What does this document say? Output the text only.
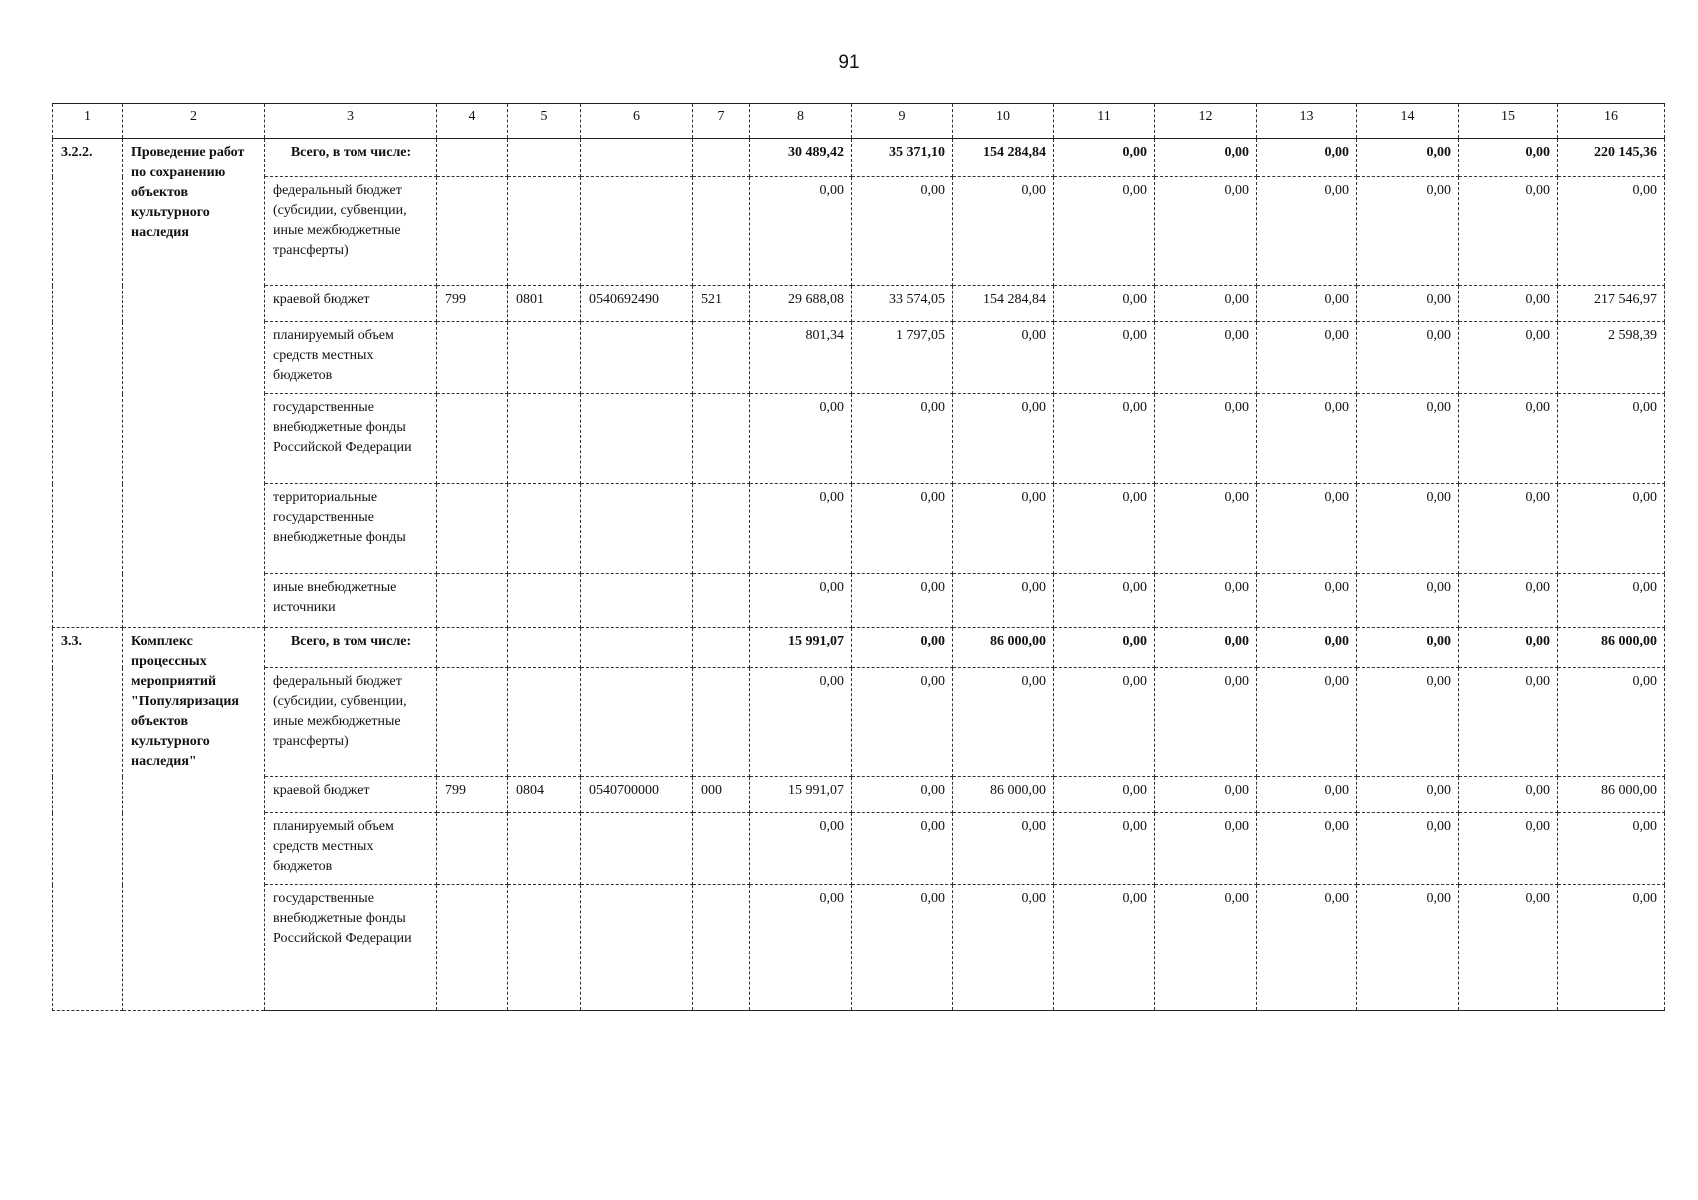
91
1	2	3	4	5	6	7	8	9	10	11	12	13	14	15	16
3.2.2.	Проведение работ по сохранению объектов культурного наследия	Всего, в том числе:					30 489,42	35 371,10	154 284,84	0,00	0,00	0,00	0,00	0,00	220 145,36
		федеральный бюджет (субсидии, субвенции, иные межбюджетные трансферты)					0,00	0,00	0,00	0,00	0,00	0,00	0,00	0,00	0,00
		краевой бюджет	799	0801	0540692490	521	29 688,08	33 574,05	154 284,84	0,00	0,00	0,00	0,00	0,00	217 546,97
		планируемый объем средств местных бюджетов					801,34	1 797,05	0,00	0,00	0,00	0,00	0,00	0,00	2 598,39
		государственные внебюджетные фонды Российской Федерации					0,00	0,00	0,00	0,00	0,00	0,00	0,00	0,00	0,00
		территориальные государственные внебюджетные фонды					0,00	0,00	0,00	0,00	0,00	0,00	0,00	0,00	0,00
		иные внебюджетные источники					0,00	0,00	0,00	0,00	0,00	0,00	0,00	0,00	0,00
3.3.	Комплекс процессных мероприятий "Популяризация объектов культурного наследия"	Всего, в том числе:					15 991,07	0,00	86 000,00	0,00	0,00	0,00	0,00	0,00	86 000,00
		федеральный бюджет (субсидии, субвенции, иные межбюджетные трансферты)					0,00	0,00	0,00	0,00	0,00	0,00	0,00	0,00	0,00
		краевой бюджет	799	0804	0540700000	000	15 991,07	0,00	86 000,00	0,00	0,00	0,00	0,00	0,00	86 000,00
		планируемый объем средств местных бюджетов					0,00	0,00	0,00	0,00	0,00	0,00	0,00	0,00	0,00
		государственные внебюджетные фонды Российской Федерации					0,00	0,00	0,00	0,00	0,00	0,00	0,00	0,00	0,00
